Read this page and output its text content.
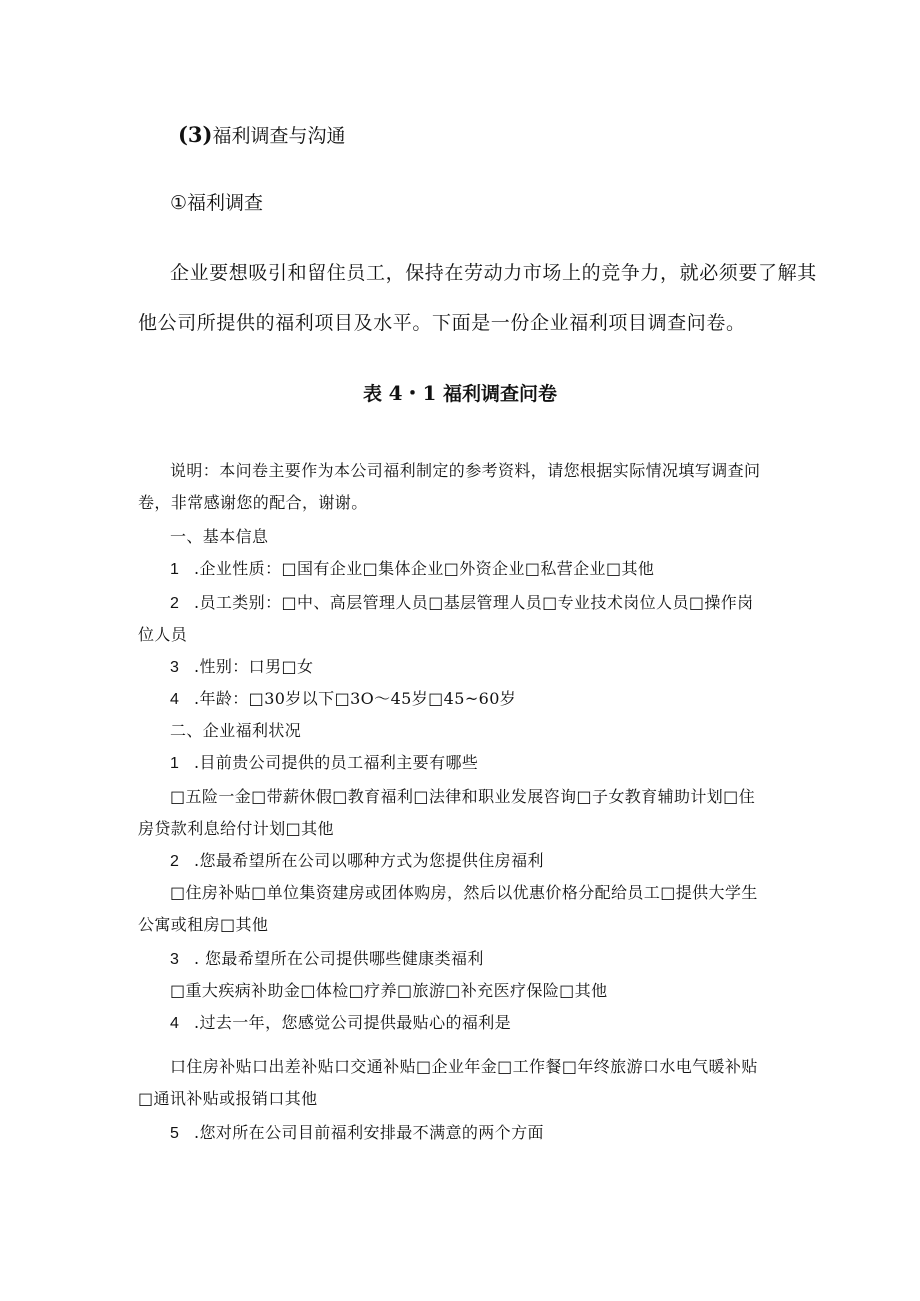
(3)福利调查与沟通
①福利调查
企业要想吸引和留住员工，保持在劳动力市场上的竞争力，就必须要了解其
他公司所提供的福利项目及水平。下面是一份企业福利项目调查问卷。
表 4・1 福利调查问卷
说明：本问卷主要作为本公司福利制定的参考资料，请您根据实际情况填写调查问
卷，非常感谢您的配合，谢谢。
一、基本信息
1 .企业性质：□国有企业□集体企业□外资企业□私营企业□其他
2 .员工类别：□中、高层管理人员□基层管理人员□专业技术岗位人员□操作岗
位人员
3 .性别：口男□女
4 .年龄：□30岁以下□3O～45岁□45~60岁
二、企业福利状况
1 .目前贵公司提供的员工福利主要有哪些
□五险一金□带薪休假□教育福利□法律和职业发展咨询□子女教育辅助计划□住
房贷款利息给付计划□其他
2 .您最希望所在公司以哪种方式为您提供住房福利
□住房补贴□单位集资建房或团体购房，然后以优惠价格分配给员工□提供大学生
公寓或租房□其他
3 . 您最希望所在公司提供哪些健康类福利
□重大疾病补助金□体检□疗养□旅游□补充医疗保险□其他
4 .过去一年，您感觉公司提供最贴心的福利是
口住房补贴口出差补贴口交通补贴□企业年金□工作餐□年终旅游口水电气暖补贴
□通讯补贴或报销口其他
5 .您对所在公司目前福利安排最不满意的两个方面
